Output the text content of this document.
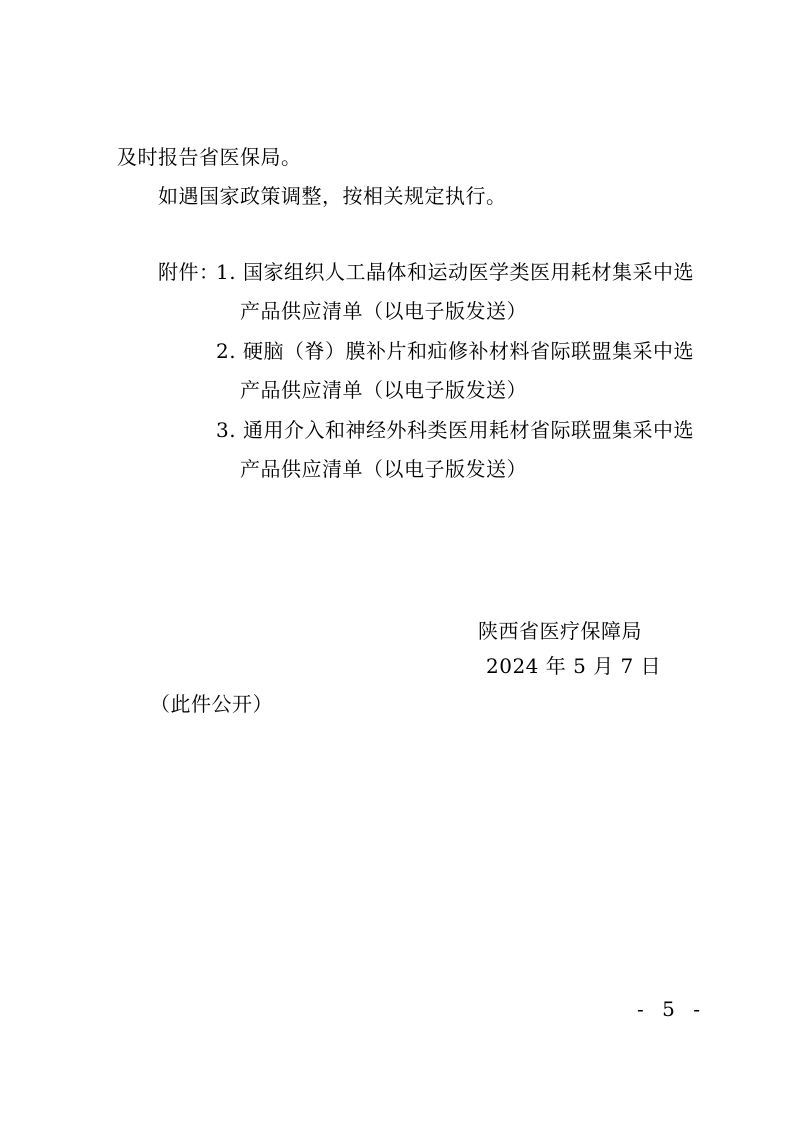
及时报告省医保局。
如遇国家政策调整，按相关规定执行。
附件：
1. 国家组织人工晶体和运动医学类医用耗材集采中选
产品供应清单（以电子版发送）
2. 硬脑（脊）膜补片和疝修补材料省际联盟集采中选
产品供应清单（以电子版发送）
3. 通用介入和神经外科类医用耗材省际联盟集采中选
产品供应清单（以电子版发送）
陕西省医疗保障局
2024 年 5 月 7 日
（此件公开）
- 5 -
